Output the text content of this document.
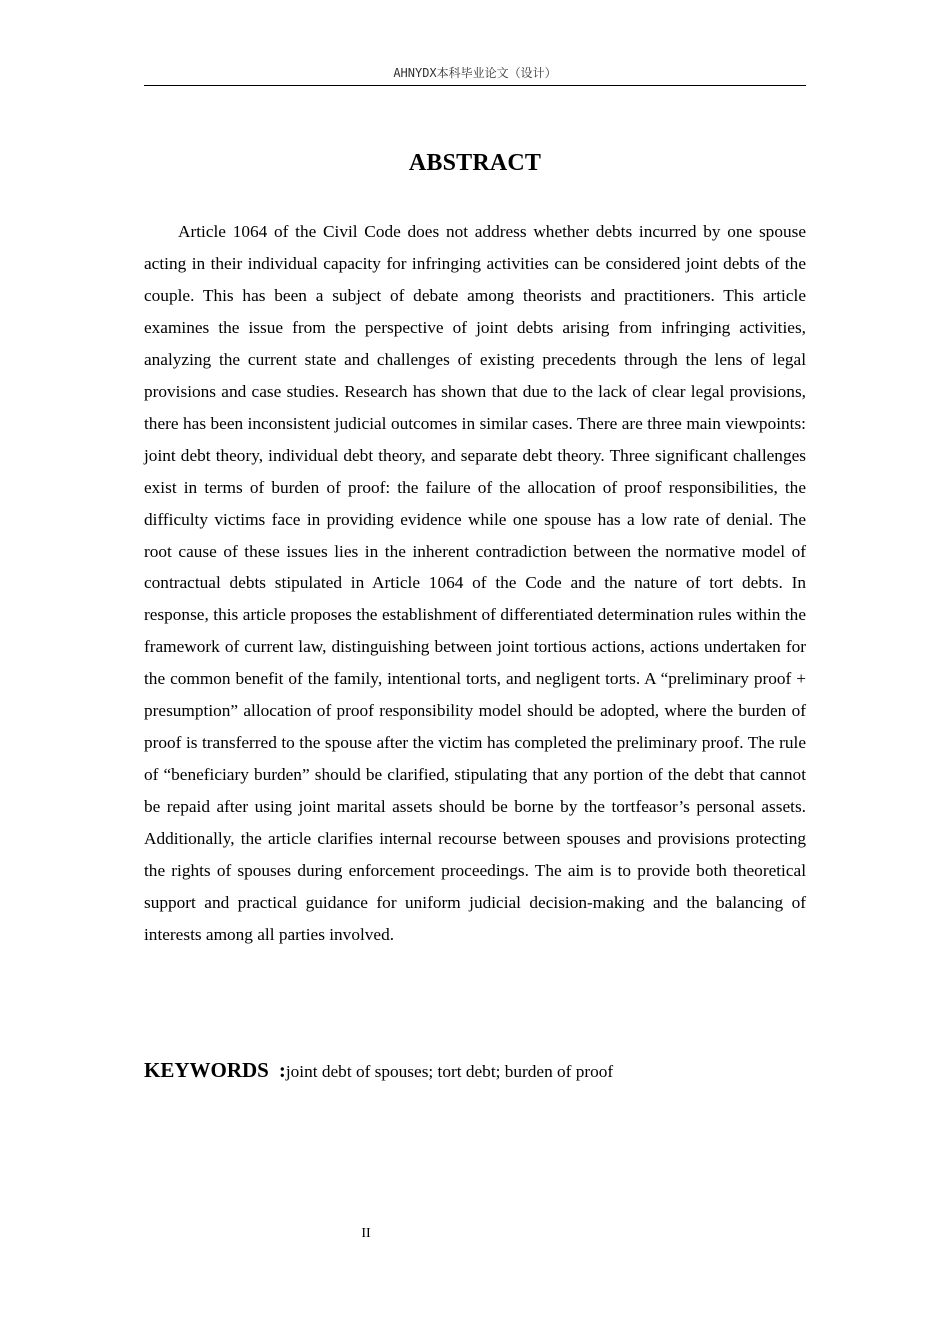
AHNYDX本科毕业论文（设计）
ABSTRACT

Article 1064 of the Civil Code does not address whether debts incurred by one spouse acting in their individual capacity for infringing activities can be considered joint debts of the couple. This has been a subject of debate among theorists and practitioners. This article examines the issue from the perspective of joint debts arising from infringing activities, analyzing the current state and challenges of existing precedents through the lens of legal provisions and case studies. Research has shown that due to the lack of clear legal provisions, there has been inconsistent judicial outcomes in similar cases. There are three main viewpoints: joint debt theory, individual debt theory, and separate debt theory. Three significant challenges exist in terms of burden of proof: the failure of the allocation of proof responsibilities, the difficulty victims face in providing evidence while one spouse has a low rate of denial. The root cause of these issues lies in the inherent contradiction between the normative model of contractual debts stipulated in Article 1064 of the Code and the nature of tort debts. In response, this article proposes the establishment of differentiated determination rules within the framework of current law, distinguishing between joint tortious actions, actions undertaken for the common benefit of the family, intentional torts, and negligent torts. A “preliminary proof + presumption” allocation of proof responsibility model should be adopted, where the burden of proof is transferred to the spouse after the victim has completed the preliminary proof. The rule of “beneficiary burden” should be clarified, stipulating that any portion of the debt that cannot be repaid after using joint marital assets should be borne by the tortfeasor’s personal assets. Additionally, the article clarifies internal recourse between spouses and provisions protecting the rights of spouses during enforcement proceedings. The aim is to provide both theoretical support and practical guidance for uniform judicial decision-making and the balancing of interests among all parties involved.

KEYWORDS :joint debt of spouses; tort debt; burden of proof
II
